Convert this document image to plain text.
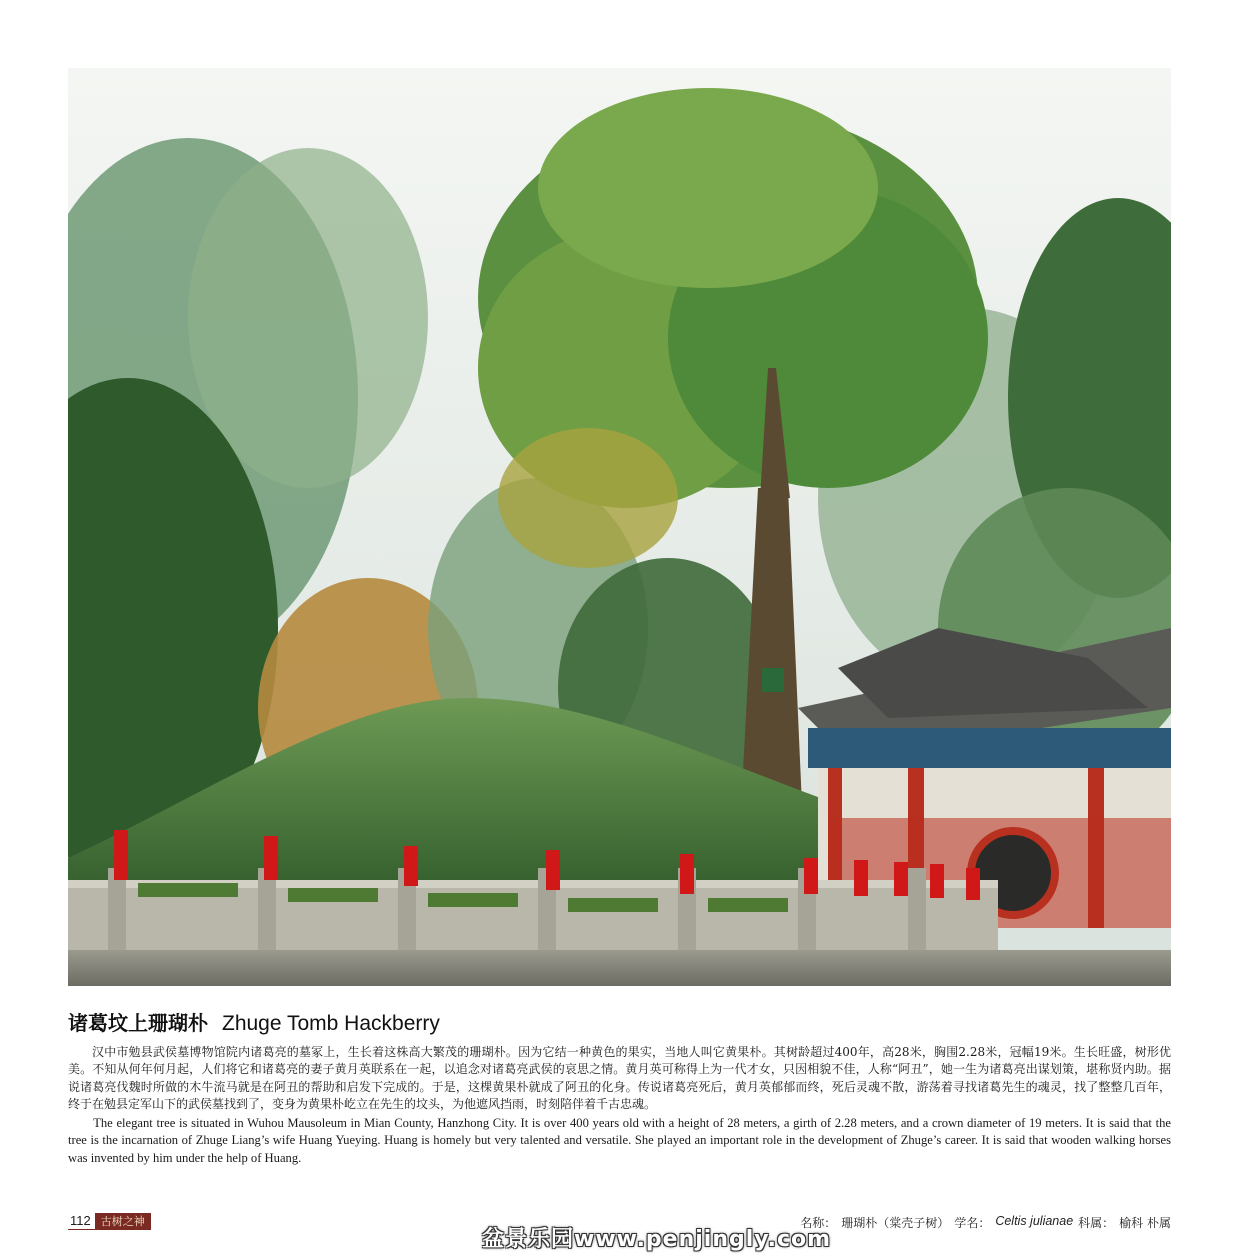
诸葛坟上珊瑚朴 Zhuge Tomb Hackberry

汉中市勉县武侯墓博物馆院内诸葛亮的墓冢上，生长着这株高大繁茂的珊瑚朴。因为它结一种黄色的果实，当地人叫它黄果朴。其树龄超过400年，高28米，胸围2.28米，冠幅19米。生长旺盛，树形优美。不知从何年何月起，人们将它和诸葛亮的妻子黄月英联系在一起，以追念对诸葛亮武侯的哀思之情。黄月英可称得上为一代才女，只因相貌不佳，人称“阿丑”，她一生为诸葛亮出谋划策，堪称贤内助。据说诸葛亮伐魏时所做的木牛流马就是在阿丑的帮助和启发下完成的。于是，这棵黄果朴就成了阿丑的化身。传说诸葛亮死后，黄月英郁郁而终，死后灵魂不散，游荡着寻找诸葛先生的魂灵，找了整整几百年，终于在勉县定军山下的武侯墓找到了，变身为黄果朴屹立在先生的坟头，为他遮风挡雨，时刻陪伴着千古忠魂。

The elegant tree is situated in Wuhou Mausoleum in Mian County, Hanzhong City. It is over 400 years old with a height of 28 meters, a girth of 2.28 meters, and a crown diameter of 19 meters. It is said that the tree is the incarnation of Zhuge Liang’s wife Huang Yueying. Huang is homely but very talented and versatile. She played an important role in the development of Zhuge’s career. It is said that wooden walking horses was invented by him under the help of Huang.

112 古树之神	名称： 珊瑚朴（棠壳子树） 学名： Celtis julianae 科属： 榆科 朴属
盆景乐园www.penjingly.com
